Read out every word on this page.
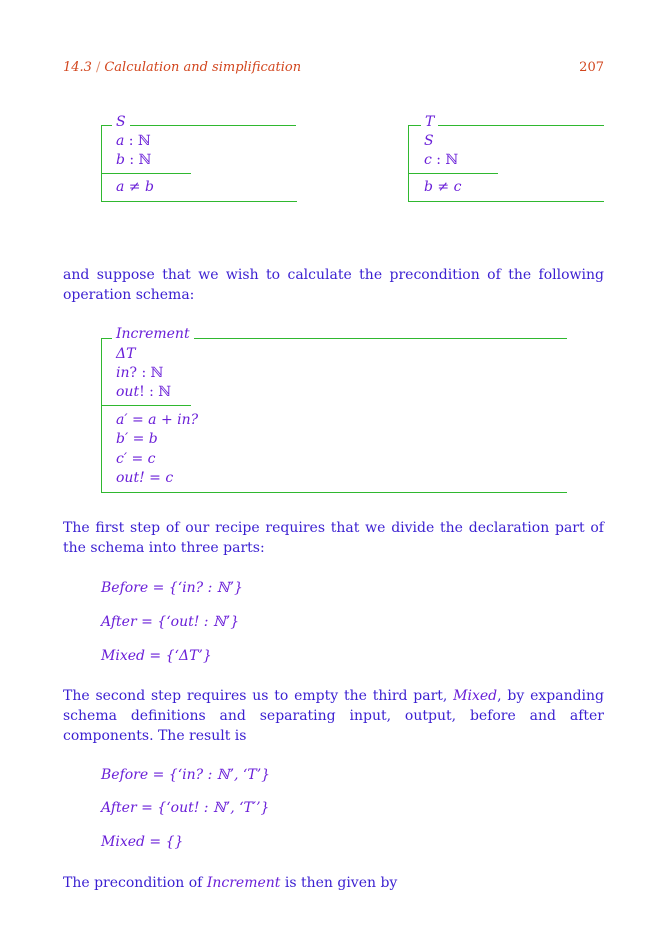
14.3 / Calculation and simplification	207
S
a : ℕ
b : ℕ
a ≠ b
T
S
c : ℕ
b ≠ c
and suppose that we wish to calculate the precondition of the following operation schema:
Increment
ΔT
in? : ℕ
out! : ℕ
a′ = a + in?
b′ = b
c′ = c
out! = c
The first step of our recipe requires that we divide the declaration part of the schema into three parts:
Before = {‘in? : ℕ’}
After = {‘out! : ℕ’}
Mixed = {‘ΔT’}
The second step requires us to empty the third part, Mixed, by expanding schema definitions and separating input, output, before and after components. The result is
Before = {‘in? : ℕ’, ‘T’}
After = {‘out! : ℕ’, ‘T′’}
Mixed = {}
The precondition of Increment is then given by
